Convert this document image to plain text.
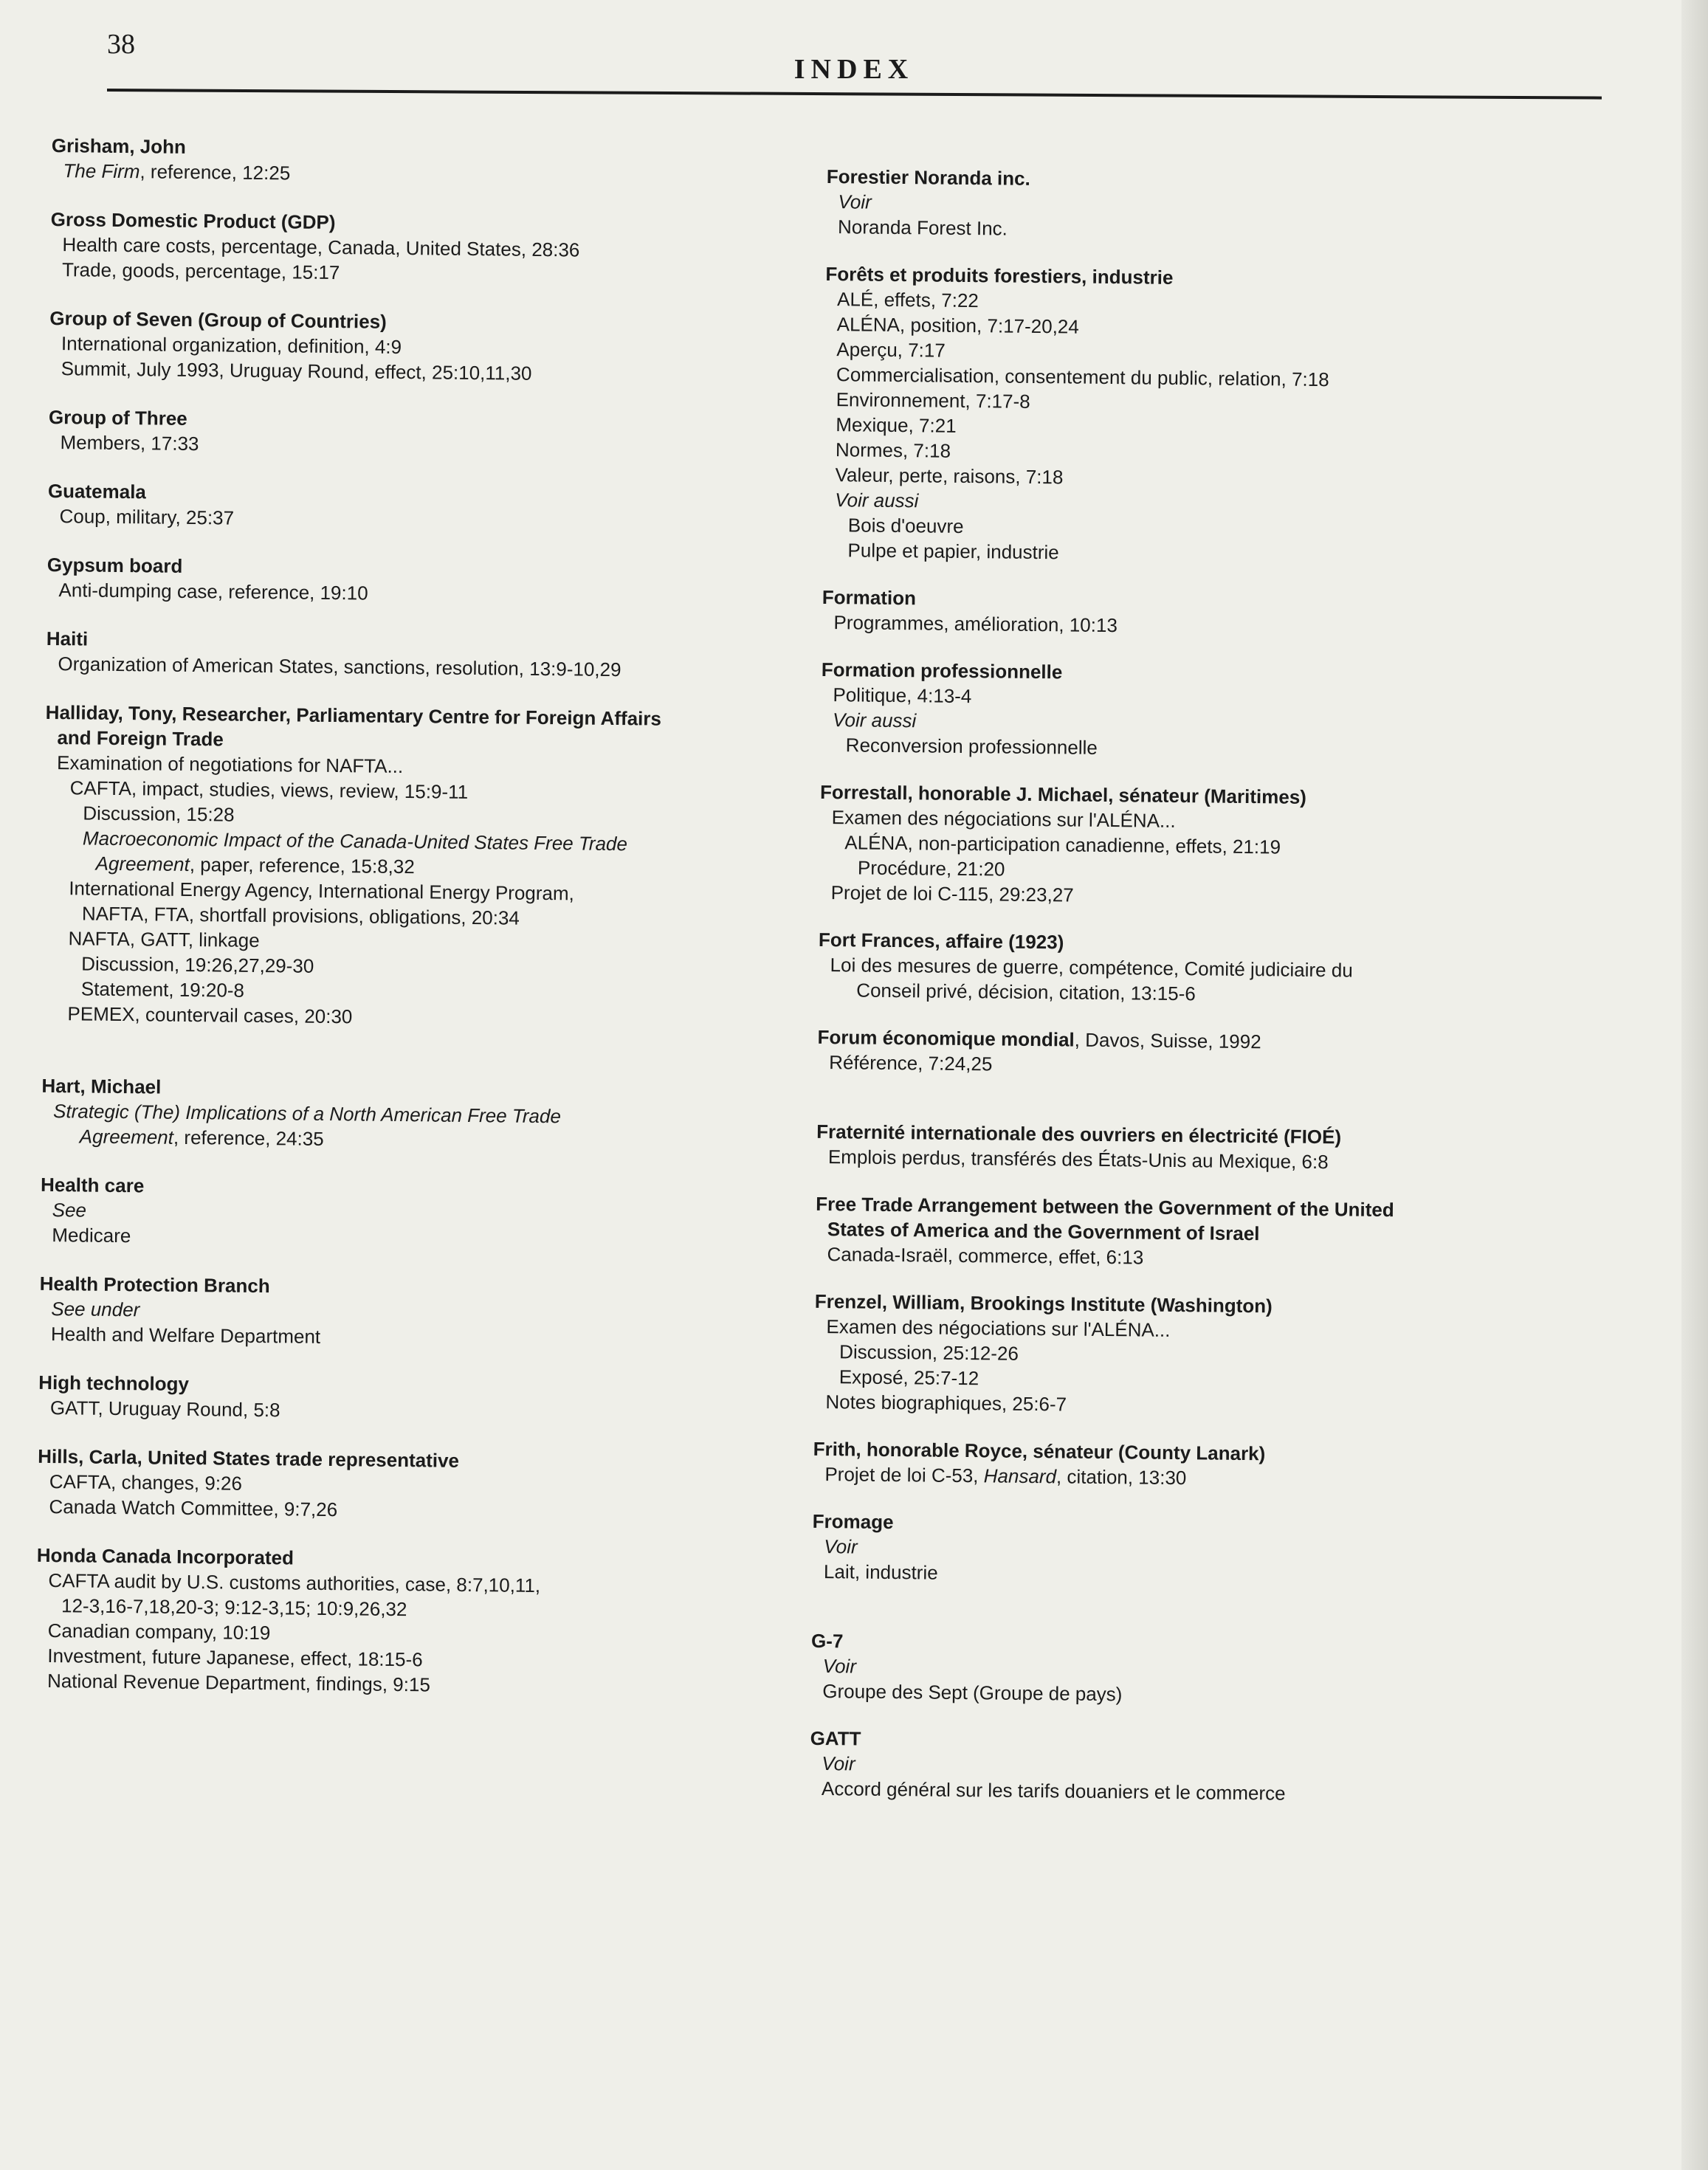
38
INDEX
Grisham, John
The Firm, reference, 12:25
Gross Domestic Product (GDP)
Health care costs, percentage, Canada, United States, 28:36
Trade, goods, percentage, 15:17
Group of Seven (Group of Countries)
International organization, definition, 4:9
Summit, July 1993, Uruguay Round, effect, 25:10,11,30
Group of Three
Members, 17:33
Guatemala
Coup, military, 25:37
Gypsum board
Anti-dumping case, reference, 19:10
Haiti
Organization of American States, sanctions, resolution, 13:9-10,29
Halliday, Tony, Researcher, Parliamentary Centre for Foreign Affairs
and Foreign Trade
Examination of negotiations for NAFTA...
CAFTA, impact, studies, views, review, 15:9-11
Discussion, 15:28
Macroeconomic Impact of the Canada-United States Free Trade
Agreement, paper, reference, 15:8,32
International Energy Agency, International Energy Program,
NAFTA, FTA, shortfall provisions, obligations, 20:34
NAFTA, GATT, linkage
Discussion, 19:26,27,29-30
Statement, 19:20-8
PEMEX, countervail cases, 20:30
Hart, Michael
Strategic (The) Implications of a North American Free Trade
Agreement, reference, 24:35
Health care
See
Medicare
Health Protection Branch
See under
Health and Welfare Department
High technology
GATT, Uruguay Round, 5:8
Hills, Carla, United States trade representative
CAFTA, changes, 9:26
Canada Watch Committee, 9:7,26
Honda Canada Incorporated
CAFTA audit by U.S. customs authorities, case, 8:7,10,11,
12-3,16-7,18,20-3; 9:12-3,15; 10:9,26,32
Canadian company, 10:19
Investment, future Japanese, effect, 18:15-6
National Revenue Department, findings, 9:15
Forestier Noranda inc.
Voir
Noranda Forest Inc.
Forêts et produits forestiers, industrie
ALÉ, effets, 7:22
ALÉNA, position, 7:17-20,24
Aperçu, 7:17
Commercialisation, consentement du public, relation, 7:18
Environnement, 7:17-8
Mexique, 7:21
Normes, 7:18
Valeur, perte, raisons, 7:18
Voir aussi
Bois d'oeuvre
Pulpe et papier, industrie
Formation
Programmes, amélioration, 10:13
Formation professionnelle
Politique, 4:13-4
Voir aussi
Reconversion professionnelle
Forrestall, honorable J. Michael, sénateur (Maritimes)
Examen des négociations sur l'ALÉNA...
ALÉNA, non-participation canadienne, effets, 21:19
Procédure, 21:20
Projet de loi C-115, 29:23,27
Fort Frances, affaire (1923)
Loi des mesures de guerre, compétence, Comité judiciaire du
Conseil privé, décision, citation, 13:15-6
Forum économique mondial, Davos, Suisse, 1992
Référence, 7:24,25
Fraternité internationale des ouvriers en électricité (FIOÉ)
Emplois perdus, transférés des États-Unis au Mexique, 6:8
Free Trade Arrangement between the Government of the United
States of America and the Government of Israel
Canada-Israël, commerce, effet, 6:13
Frenzel, William, Brookings Institute (Washington)
Examen des négociations sur l'ALÉNA...
Discussion, 25:12-26
Exposé, 25:7-12
Notes biographiques, 25:6-7
Frith, honorable Royce, sénateur (County Lanark)
Projet de loi C-53, Hansard, citation, 13:30
Fromage
Voir
Lait, industrie
G-7
Voir
Groupe des Sept (Groupe de pays)
GATT
Voir
Accord général sur les tarifs douaniers et le commerce
